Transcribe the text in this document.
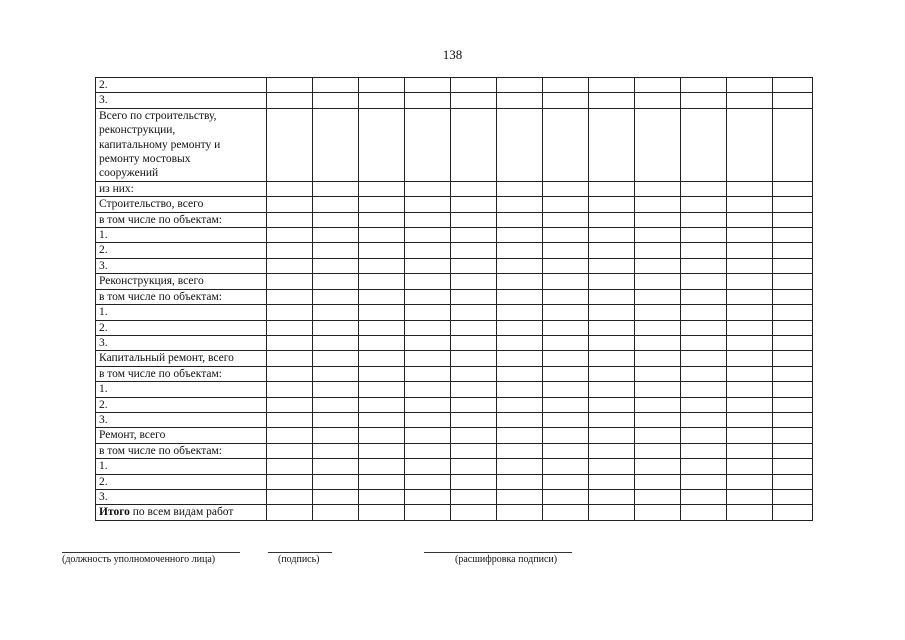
138
2.												
3.												
Всего по строительству,
реконструкции,
капитальному ремонту и
ремонту мостовых
сооружений												
из них:												
Строительство, всего												
в том числе по объектам:												
1.												
2.												
3.												
Реконструкция, всего												
в том числе по объектам:												
1.												
2.												
3.												
Капитальный ремонт, всего												
в том числе по объектам:												
1.												
2.												
3.												
Ремонт, всего												
в том числе по объектам:												
1.												
2.												
3.												
Итого по всем видам работ												
(должность уполномоченного лица)	(подпись)	(расшифровка подписи)
